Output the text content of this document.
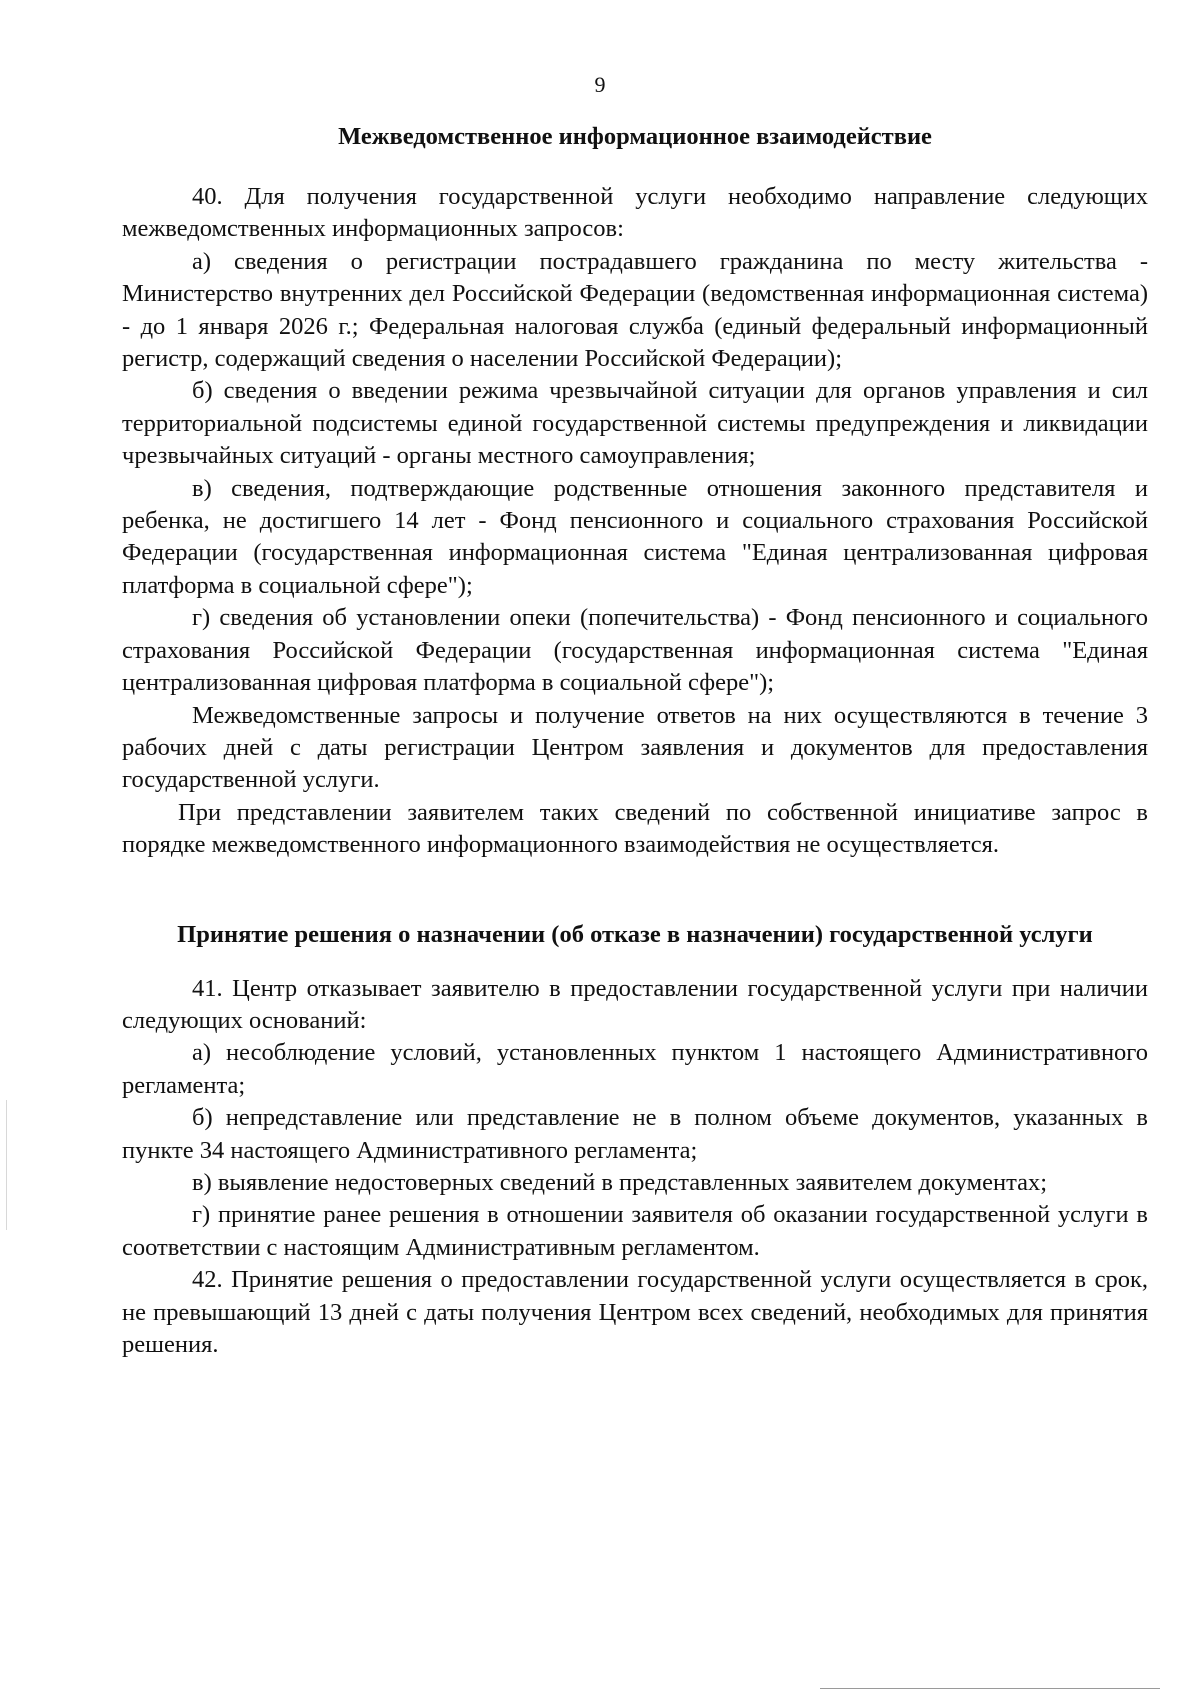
9
Межведомственное информационное взаимодействие

40. Для получения государственной услуги необходимо направление следующих межведомственных информационных запросов:

а) сведения о регистрации пострадавшего гражданина по месту жительства - Министерство внутренних дел Российской Федерации (ведомственная информационная система) - до 1 января 2026 г.; Федеральная налоговая служба (единый федеральный информационный регистр, содержащий сведения о населении Российской Федерации);

б) сведения о введении режима чрезвычайной ситуации для органов управления и сил территориальной подсистемы единой государственной системы предупреждения и ликвидации чрезвычайных ситуаций - органы местного самоуправления;

в) сведения, подтверждающие родственные отношения законного представителя и ребенка, не достигшего 14 лет - Фонд пенсионного и социального страхования Российской Федерации (государственная информационная система "Единая централизованная цифровая платформа в социальной сфере");

г) сведения об установлении опеки (попечительства) - Фонд пенсионного и социального страхования Российской Федерации (государственная информационная система "Единая централизованная цифровая платформа в социальной сфере");

Межведомственные запросы и получение ответов на них осуществляются в течение 3 рабочих дней с даты регистрации Центром заявления и документов для предоставления государственной услуги.

При представлении заявителем таких сведений по собственной инициативе запрос в порядке межведомственного информационного взаимодействия не осуществляется.

Принятие решения о назначении (об отказе в назначении) государственной услуги

41. Центр отказывает заявителю в предоставлении государственной услуги при наличии следующих оснований:

а) несоблюдение условий, установленных пунктом 1 настоящего Административного регламента;

б) непредставление или представление не в полном объеме документов, указанных в пункте 34 настоящего Административного регламента;

в) выявление недостоверных сведений в представленных заявителем документах;

г) принятие ранее решения в отношении заявителя об оказании государственной услуги в соответствии с настоящим Административным регламентом.

42. Принятие решения о предоставлении государственной услуги осуществляется в срок, не превышающий 13 дней с даты получения Центром всех сведений, необходимых для принятия решения.
